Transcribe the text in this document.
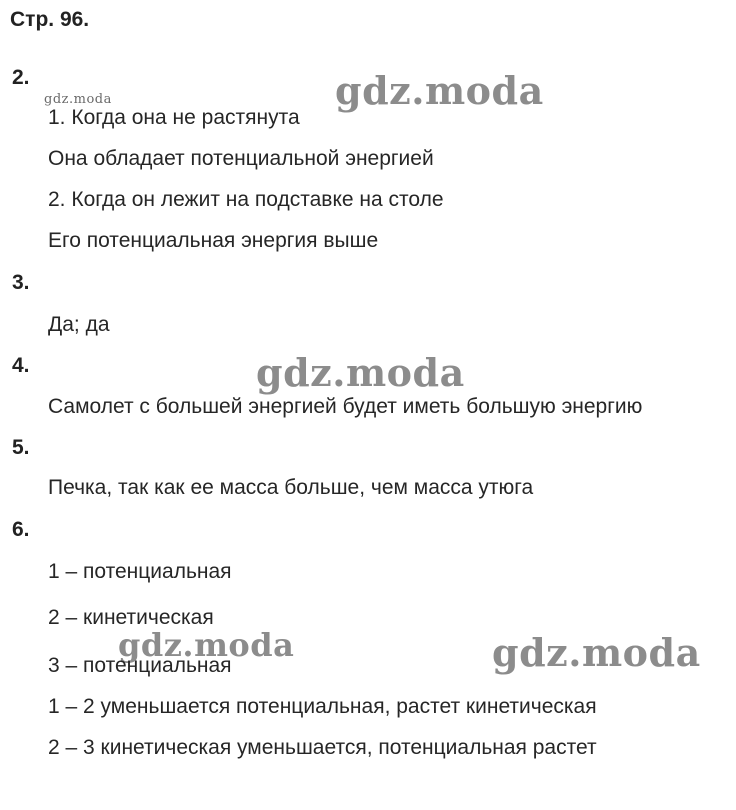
Стр. 96.
gdz.moda	gdz.moda
gdz.moda
gdz.moda	gdz.moda
2.
1. Когда она не растянута
Она обладает потенциальной энергией
2. Когда он лежит на подставке на столе
Его потенциальная энергия выше
3.
Да; да
4.
Самолет с большей энергией будет иметь большую энергию
5.
Печка, так как ее масса больше, чем масса утюга
6.
1 – потенциальная
2 – кинетическая
3 – потенциальная
1 – 2 уменьшается потенциальная, растет кинетическая
2 – 3 кинетическая уменьшается, потенциальная растет
